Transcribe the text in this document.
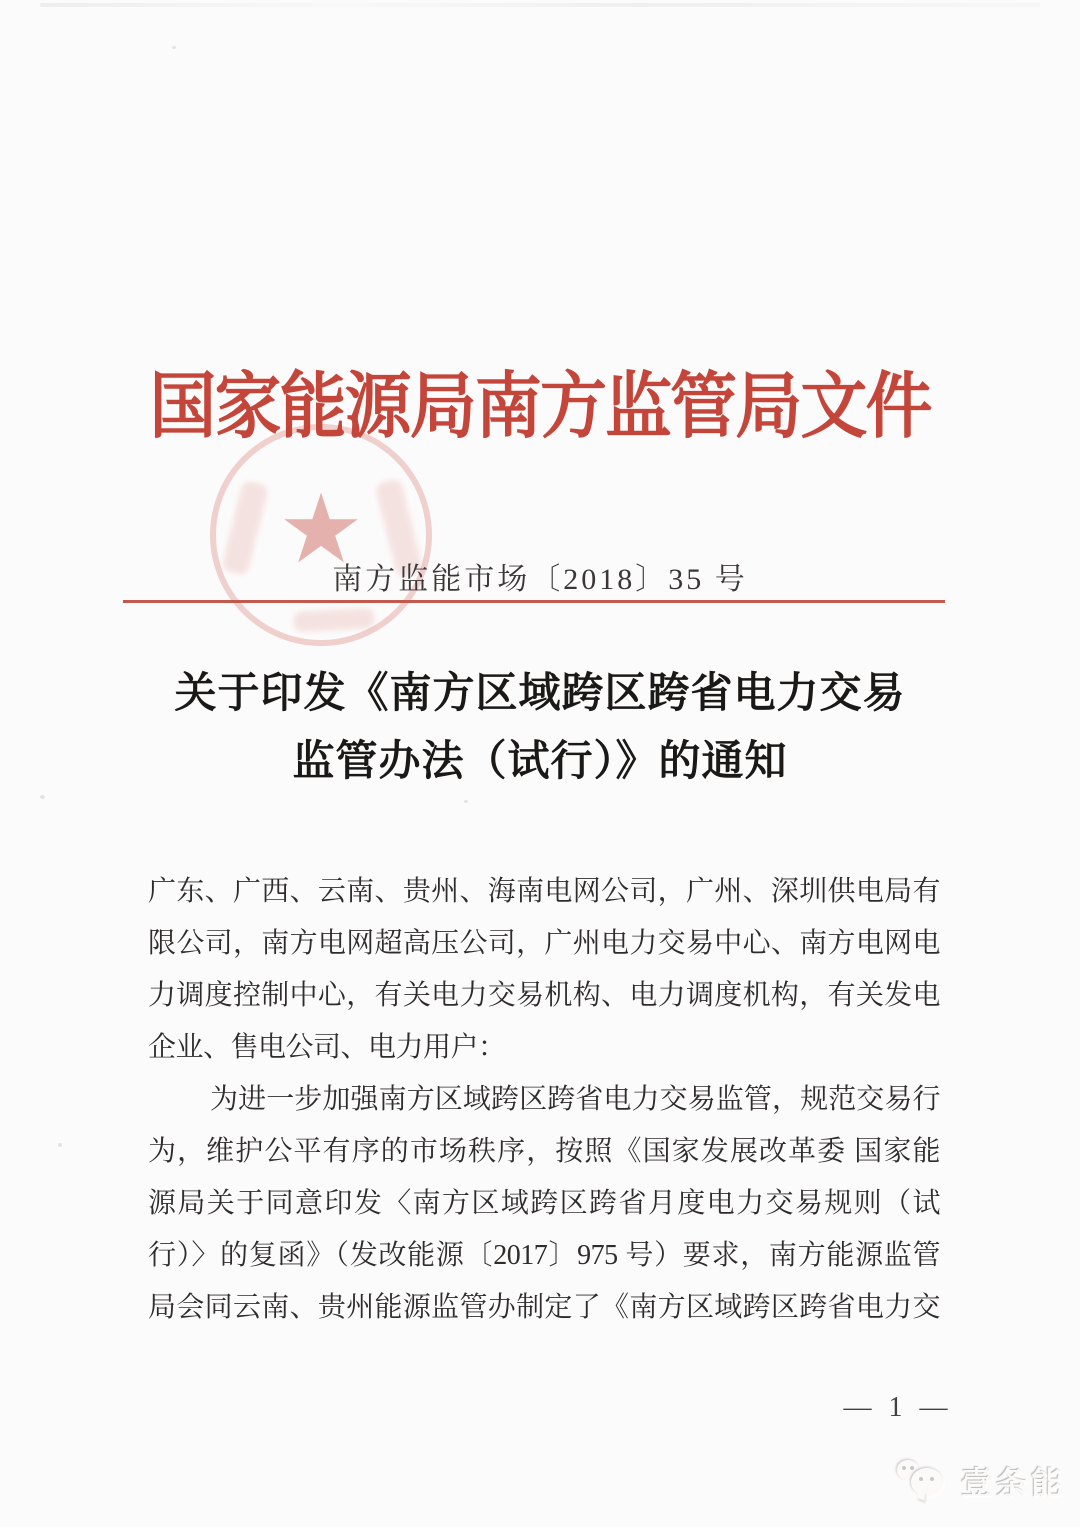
★
国家能源局南方监管局文件
南方监能市场〔2018〕35 号
关于印发《南方区域跨区跨省电力交易
监管办法（试行）》的通知
广东、广西、云南、贵州、海南电网公司，广州、深圳供电局有
限公司，南方电网超高压公司，广州电力交易中心、南方电网电
力调度控制中心，有关电力交易机构、电力调度机构，有关发电
企业、售电公司、电力用户：
为进一步加强南方区域跨区跨省电力交易监管，规范交易行
为，维护公平有序的市场秩序，按照《国家发展改革委 国家能
源局关于同意印发〈南方区域跨区跨省月度电力交易规则（试
行）〉的复函》（发改能源〔2017〕975 号）要求，南方能源监管
局会同云南、贵州能源监管办制定了《南方区域跨区跨省电力交
— 1 —
壹条能
